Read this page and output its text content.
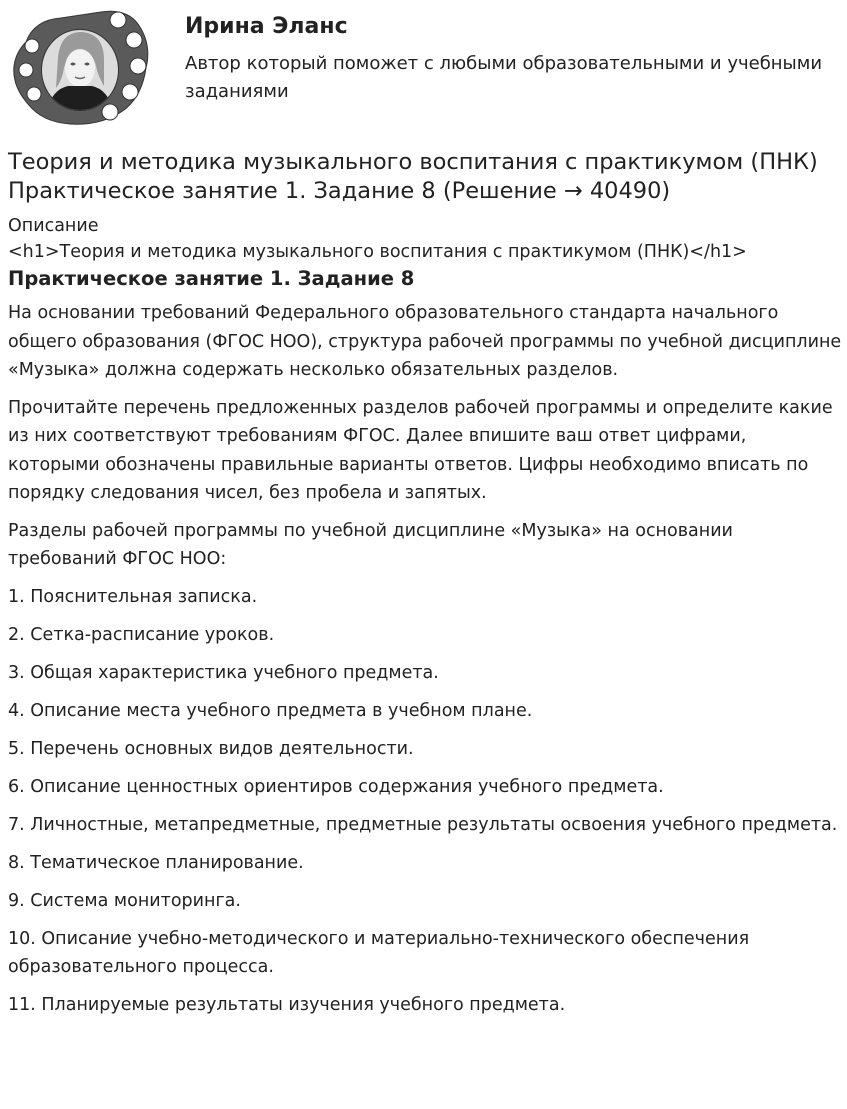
Ирина Эланс
Автор который поможет с любыми образовательными и учебными заданиями
Теория и методика музыкального воспитания с практикумом (ПНК) Практическое занятие 1. Задание 8 (Решение → 40490)
Описание
<h1>Теория и методика музыкального воспитания с практикумом (ПНК)</h1>
Практическое занятие 1. Задание 8

На основании требований Федерального образовательного стандарта начального общего образования (ФГОС НОО), структура рабочей программы по учебной дисциплине «Музыка» должна содержать несколько обязательных разделов.

Прочитайте перечень предложенных разделов рабочей программы и определите какие из них соответствуют требованиям ФГОС. Далее впишите ваш ответ цифрами, которыми обозначены правильные варианты ответов. Цифры необходимо вписать по порядку следования чисел, без пробела и запятых.

Разделы рабочей программы по учебной дисциплине «Музыка» на основании требований ФГОС НОО:

1. Пояснительная записка.

2. Сетка-расписание уроков.

3. Общая характеристика учебного предмета.

4. Описание места учебного предмета в учебном плане.

5. Перечень основных видов деятельности.

6. Описание ценностных ориентиров содержания учебного предмета.

7. Личностные, метапредметные, предметные результаты освоения учебного предмета.

8. Тематическое планирование.

9. Система мониторинга.

10. Описание учебно-методического и материально-технического обеспечения образовательного процесса.

11. Планируемые результаты изучения учебного предмета.
